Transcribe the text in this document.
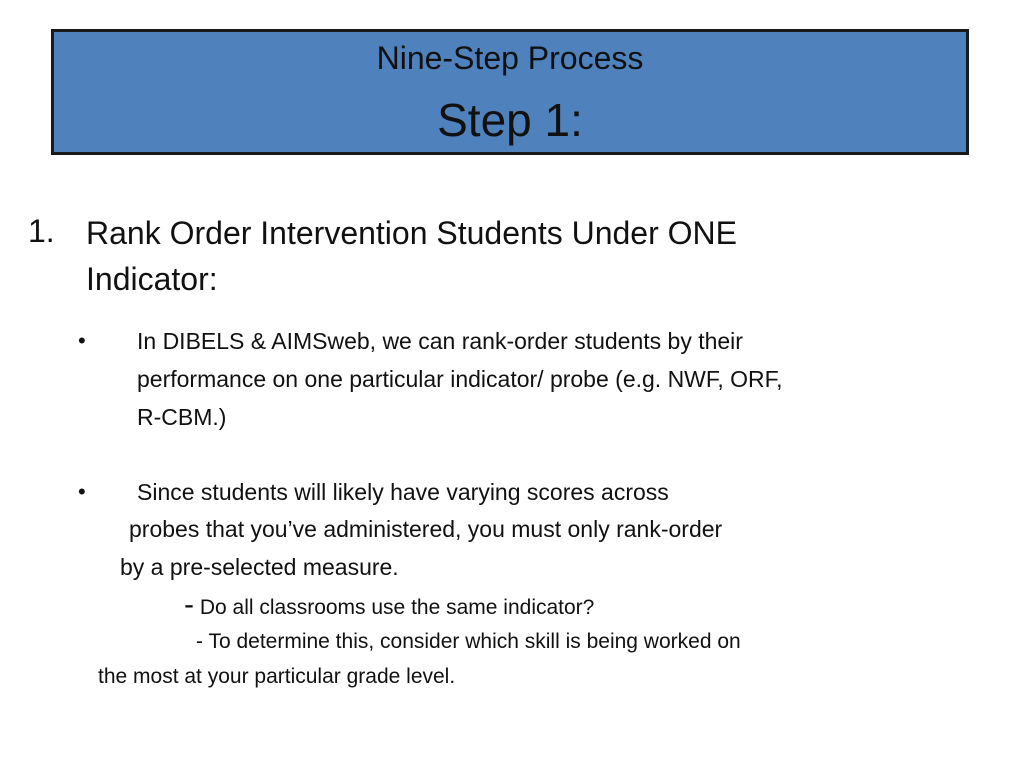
Nine-Step Process
Step 1:
1. Rank Order Intervention Students Under ONE
Indicator:
• In DIBELS & AIMSweb, we can rank-order students by their
performance on one particular indicator/ probe (e.g. NWF, ORF,
R-CBM.)
• Since students will likely have varying scores across
probes that you’ve administered, you must only rank-order
by a pre-selected measure.
- Do all classrooms use the same indicator?
- To determine this, consider which skill is being worked on
the most at your particular grade level.
